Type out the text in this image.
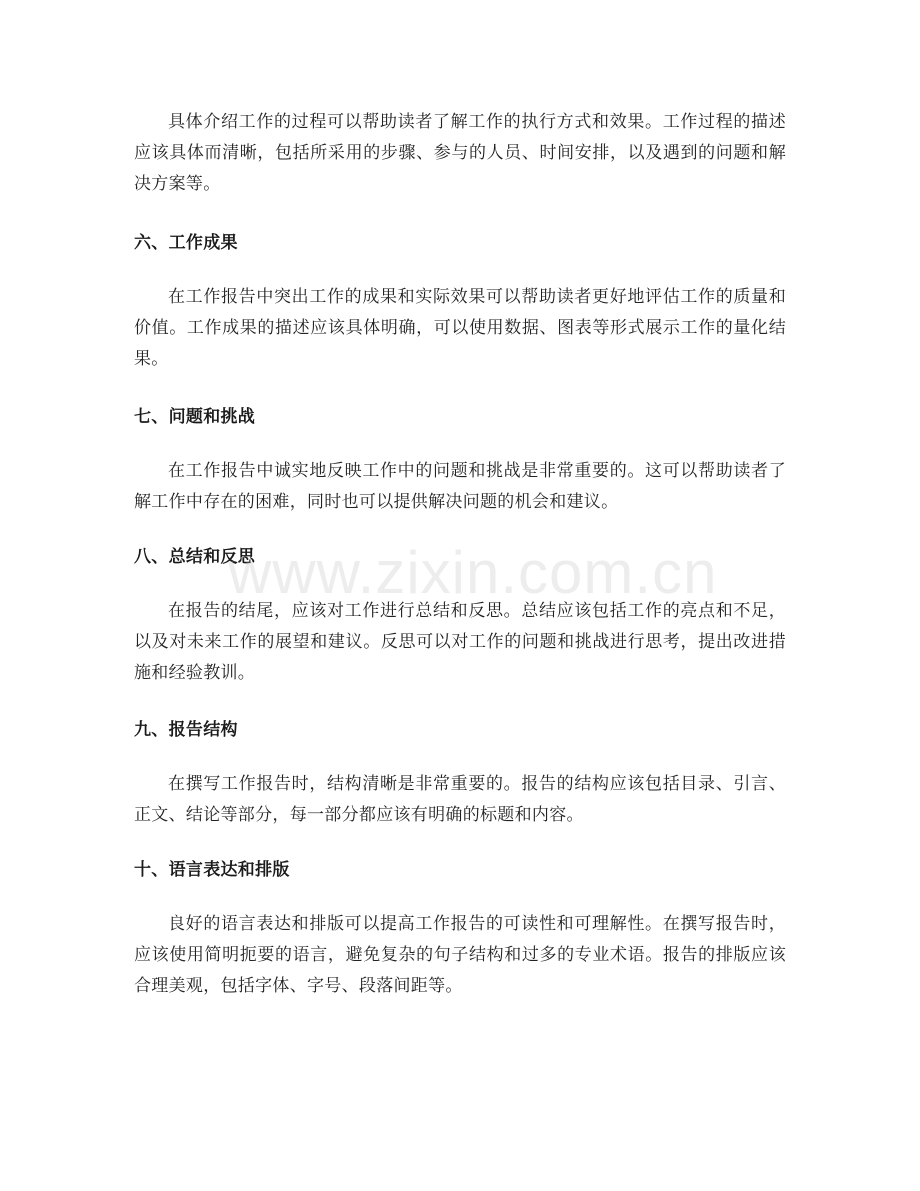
具体介绍工作的过程可以帮助读者了解工作的执行方式和效果。工作过程的描述应该具体而清晰，包括所采用的步骤、参与的人员、时间安排，以及遇到的问题和解决方案等。

六、工作成果

在工作报告中突出工作的成果和实际效果可以帮助读者更好地评估工作的质量和价值。工作成果的描述应该具体明确，可以使用数据、图表等形式展示工作的量化结果。

七、问题和挑战

在工作报告中诚实地反映工作中的问题和挑战是非常重要的。这可以帮助读者了解工作中存在的困难，同时也可以提供解决问题的机会和建议。

八、总结和反思

在报告的结尾，应该对工作进行总结和反思。总结应该包括工作的亮点和不足，以及对未来工作的展望和建议。反思可以对工作的问题和挑战进行思考，提出改进措施和经验教训。

九、报告结构

在撰写工作报告时，结构清晰是非常重要的。报告的结构应该包括目录、引言、正文、结论等部分，每一部分都应该有明确的标题和内容。

十、语言表达和排版

良好的语言表达和排版可以提高工作报告的可读性和可理解性。在撰写报告时，应该使用简明扼要的语言，避免复杂的句子结构和过多的专业术语。报告的排版应该合理美观，包括字体、字号、段落间距等。

www.zixin.com.cn
